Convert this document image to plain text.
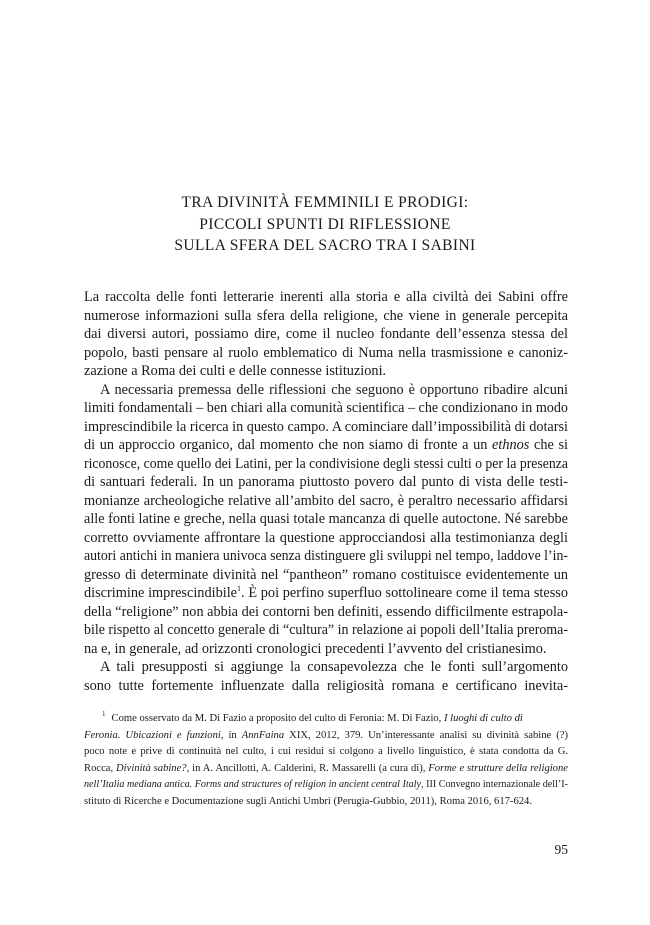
TRA DIVINITÀ FEMMINILI E PRODIGI:
PICCOLI SPUNTI DI RIFLESSIONE
SULLA SFERA DEL SACRO TRA I SABINI
La raccolta delle fonti letterarie inerenti alla storia e alla civiltà dei Sabini offre
numerose informazioni sulla sfera della religione, che viene in generale percepita
dai diversi autori, possiamo dire, come il nucleo fondante dell’essenza stessa del
popolo, basti pensare al ruolo emblematico di Numa nella trasmissione e canoniz-
zazione a Roma dei culti e delle connesse istituzioni.
A necessaria premessa delle riflessioni che seguono è opportuno ribadire alcuni
limiti fondamentali – ben chiari alla comunità scientifica – che condizionano in modo
imprescindibile la ricerca in questo campo. A cominciare dall’impossibilità di dotarsi
di un approccio organico, dal momento che non siamo di fronte a un ethnos che si
riconosce, come quello dei Latini, per la condivisione degli stessi culti o per la presenza
di santuari federali. In un panorama piuttosto povero dal punto di vista delle testi-
monianze archeologiche relative all’ambito del sacro, è peraltro necessario affidarsi
alle fonti latine e greche, nella quasi totale mancanza di quelle autoctone. Né sarebbe
corretto ovviamente affrontare la questione approcciandosi alla testimonianza degli
autori antichi in maniera univoca senza distinguere gli sviluppi nel tempo, laddove l’in-
gresso di determinate divinità nel “pantheon” romano costituisce evidentemente un
discrimine imprescindibile$^1$. È poi perfino superfluo sottolineare come il tema stesso
della “religione” non abbia dei contorni ben definiti, essendo difficilmente estrapola-
bile rispetto al concetto generale di “cultura” in relazione ai popoli dell’Italia preroma-
na e, in generale, ad orizzonti cronologici precedenti l’avvento del cristianesimo.
A tali presupposti si aggiunge la consapevolezza che le fonti sull’argomento
sono tutte fortemente influenzate dalla religiosità romana e certificano inevita-
$^1$ Come osservato da M. Di Fazio a proposito del culto di Feronia: M. Di Fazio, I luoghi di culto di
Feronia. Ubicazioni e funzioni, in AnnFaina XIX, 2012, 379. Un’interessante analisi su divinità sabine (?)
poco note e prive di continuità nel culto, i cui residui si colgono a livello linguistico, è stata condotta da G.
Rocca, Divinità sabine?, in A. Ancillotti, A. Calderini, R. Massarelli (a cura di), Forme e strutture della religione
nell’Italia mediana antica. Forms and structures of religion in ancient central Italy, III Convegno internazionale dell’I-
stituto di Ricerche e Documentazione sugli Antichi Umbri (Perugia-Gubbio, 2011), Roma 2016, 617-624.
95
